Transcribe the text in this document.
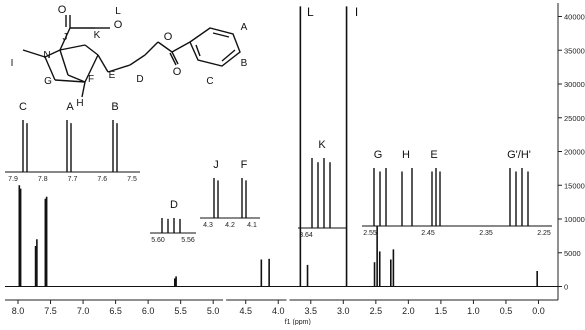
8.0 7.5 7.0 6.5 6.0 5.5 5.0 4.5 4.0 3.5 3.0 2.5 2.0 1.5 1.0 0.5 0.0
f1 (ppm)
0
5000
10000
15000
20000
25000
30000
35000
40000
C	A	B
7.9	7.8	7.7	7.6	7.5
D
5.60 5.56
J F
4.3 4.2 4.1
K
3.64
G H E	G'/H'
2.55	2.45	2.35	2.25
L	I
L
K
J
I
G	F E D
H
A
B
C
N
O
O
O
O
